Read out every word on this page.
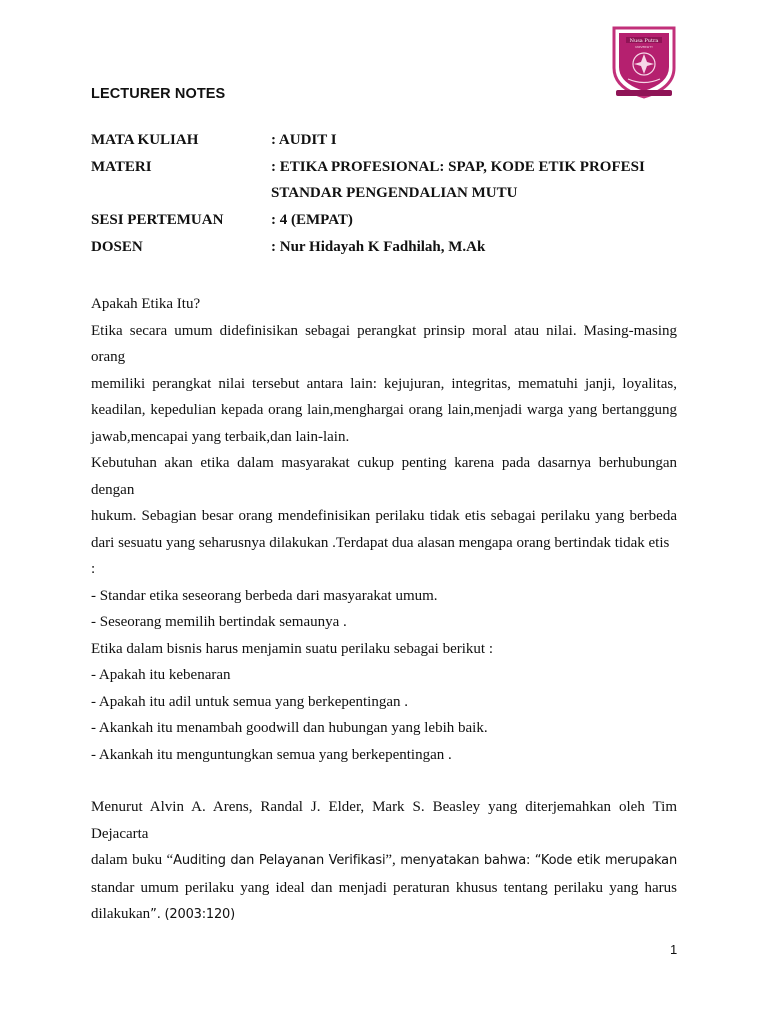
Nusa Putra
UNIVERSITY
LECTURER NOTES
MATA KULIAH	: AUDIT I
MATERI	: ETIKA PROFESIONAL: SPAP, KODE ETIK PROFESI
STANDAR PENGENDALIAN MUTU
SESI PERTEMUAN	: 4 (EMPAT)
DOSEN	: Nur Hidayah K Fadhilah, M.Ak

Apakah Etika Itu?

Etika secara umum didefinisikan sebagai perangkat prinsip moral atau nilai. Masing-masing orang

memiliki perangkat nilai tersebut antara lain: kejujuran, integritas, mematuhi janji, loyalitas,

keadilan, kepedulian kepada orang lain,menghargai orang lain,menjadi warga yang bertanggung

jawab,mencapai yang terbaik,dan lain-lain.

Kebutuhan akan etika dalam masyarakat cukup penting karena pada dasarnya berhubungan dengan

hukum. Sebagian besar orang mendefinisikan perilaku tidak etis sebagai perilaku yang berbeda

dari sesuatu yang seharusnya dilakukan .Terdapat dua alasan mengapa orang bertindak tidak etis :

- Standar etika seseorang berbeda dari masyarakat umum.

- Seseorang memilih bertindak semaunya .

Etika dalam bisnis harus menjamin suatu perilaku sebagai berikut :

- Apakah itu kebenaran

- Apakah itu adil untuk semua yang berkepentingan .

- Akankah itu menambah goodwill dan hubungan yang lebih baik.

- Akankah itu menguntungkan semua yang berkepentingan .

Menurut Alvin A. Arens, Randal J. Elder, Mark S. Beasley yang diterjemahkan oleh Tim Dejacarta

dalam buku “Auditing dan Pelayanan Verifikasi”, menyatakan bahwa: “Kode etik merupakan

standar umum perilaku yang ideal dan menjadi peraturan khusus tentang perilaku yang harus

dilakukan”. (2003:120)

1
